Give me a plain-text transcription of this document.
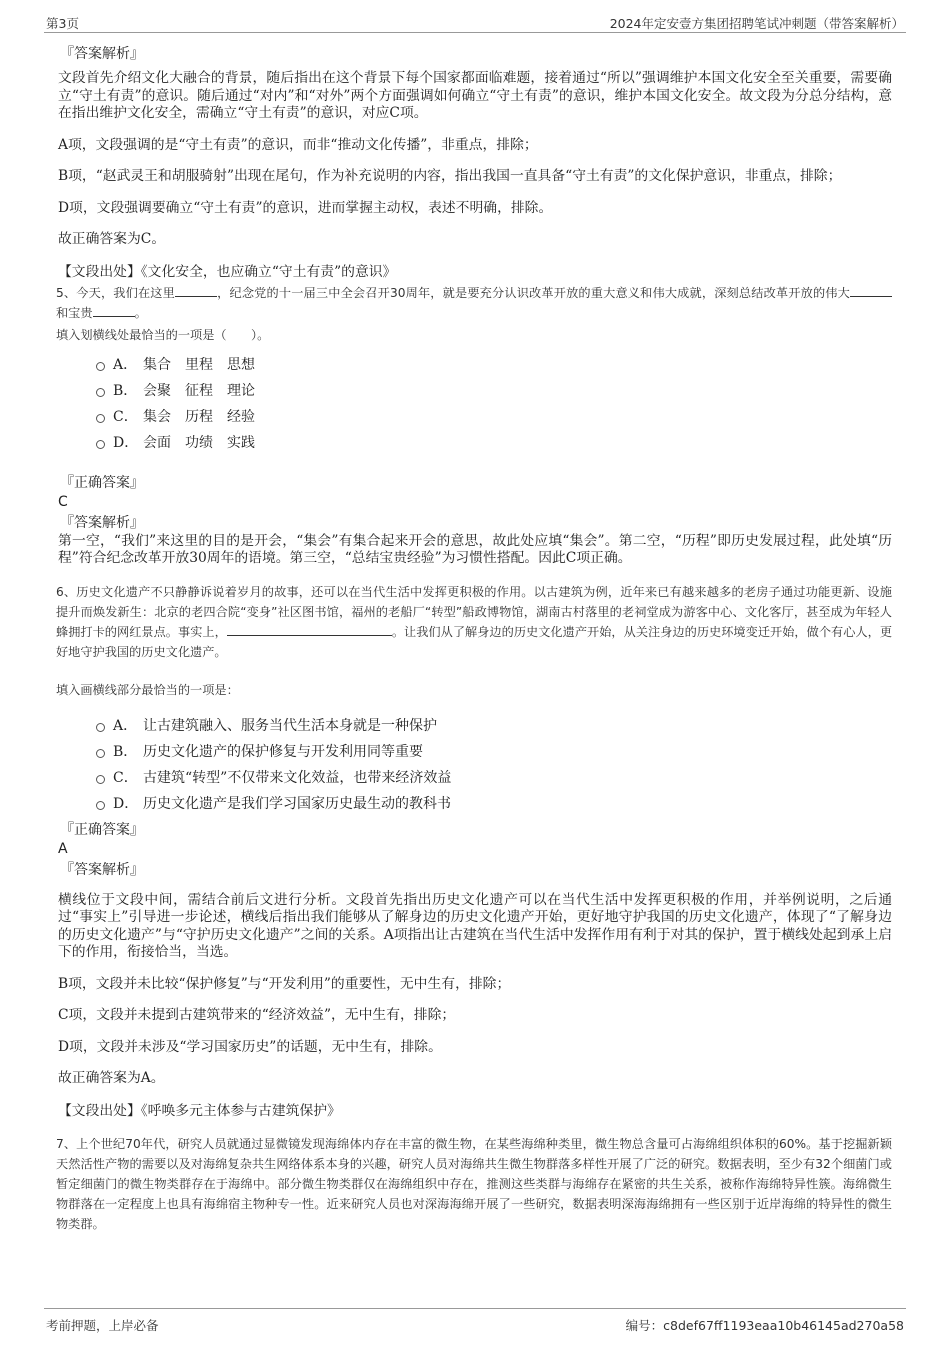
第3页	2024年定安壹方集团招聘笔试冲刺题（带答案解析）
『答案解析』

文段首先介绍文化大融合的背景，随后指出在这个背景下每个国家都面临难题，接着通过“所以”强调维护本国文化安全至关重要，需要确立“守土有责”的意识。随后通过“对内”和“对外”两个方面强调如何确立“守土有责”的意识，维护本国文化安全。故文段为分总分结构，意在指出维护文化安全，需确立“守土有责”的意识，对应C项。

A项，文段强调的是“守土有责”的意识，而非“推动文化传播”，非重点，排除；

B项，“赵武灵王和胡服骑射”出现在尾句，作为补充说明的内容，指出我国一直具备“守土有责”的文化保护意识，非重点，排除；

D项，文段强调要确立“守土有责”的意识，进而掌握主动权，表述不明确，排除。

故正确答案为C。

【文段出处】《文化安全，也应确立“守土有责”的意识》

5、今天，我们在这里	，纪念党的十一届三中全会召开30周年，就是要充分认识改革开放的重大意义和伟大成就，深刻总结改革开放的伟大和宝贵	。

填入划横线处最恰当的一项是（　　）。

A． 集合　里程　思想
B． 会聚　征程　理论
C． 集会　历程　经验
D． 会面　功绩　实践
『正确答案』
C
『答案解析』

第一空，“我们”来这里的目的是开会，“集会”有集合起来开会的意思，故此处应填“集会”。第二空，“历程”即历史发展过程，此处填“历程”符合纪念改革开放30周年的语境。第三空，“总结宝贵经验”为习惯性搭配。因此C项正确。

6、历史文化遗产不只静静诉说着岁月的故事，还可以在当代生活中发挥更积极的作用。以古建筑为例，近年来已有越来越多的老房子通过功能更新、设施提升而焕发新生：北京的老四合院“变身”社区图书馆，福州的老船厂“转型”船政博物馆，湖南古村落里的老祠堂成为游客中心、文化客厅，甚至成为年轻人蜂拥打卡的网红景点。事实上，	。让我们从了解身边的历史文化遗产开始，从关注身边的历史环境变迁开始，做个有心人，更好地守护我国的历史文化遗产。

填入画横线部分最恰当的一项是：

A． 让古建筑融入、服务当代生活本身就是一种保护
B． 历史文化遗产的保护修复与开发利用同等重要
C． 古建筑“转型”不仅带来文化效益，也带来经济效益
D． 历史文化遗产是我们学习国家历史最生动的教科书
『正确答案』
A
『答案解析』

横线位于文段中间，需结合前后文进行分析。文段首先指出历史文化遗产可以在当代生活中发挥更积极的作用，并举例说明，之后通过“事实上”引导进一步论述，横线后指出我们能够从了解身边的历史文化遗产开始，更好地守护我国的历史文化遗产，体现了“了解身边的历史文化遗产”与“守护历史文化遗产”之间的关系。A项指出让古建筑在当代生活中发挥作用有利于对其的保护，置于横线处起到承上启下的作用，衔接恰当，当选。

B项，文段并未比较“保护修复”与“开发利用”的重要性，无中生有，排除；

C项，文段并未提到古建筑带来的“经济效益”，无中生有，排除；

D项，文段并未涉及“学习国家历史”的话题，无中生有，排除。

故正确答案为A。

【文段出处】《呼唤多元主体参与古建筑保护》

7、上个世纪70年代，研究人员就通过显微镜发现海绵体内存在丰富的微生物，在某些海绵种类里，微生物总含量可占海绵组织体积的60%。基于挖掘新颖天然活性产物的需要以及对海绵复杂共生网络体系本身的兴趣，研究人员对海绵共生微生物群落多样性开展了广泛的研究。数据表明，至少有32个细菌门或暂定细菌门的微生物类群存在于海绵中。部分微生物类群仅在海绵组织中存在，推测这些类群与海绵存在紧密的共生关系，被称作海绵特异性簇。海绵微生物群落在一定程度上也具有海绵宿主物种专一性。近来研究人员也对深海海绵开展了一些研究，数据表明深海海绵拥有一些区别于近岸海绵的特异性的微生物类群。

考前押题，上岸必备	编号：c8def67ff1193eaa10b46145ad270a58
